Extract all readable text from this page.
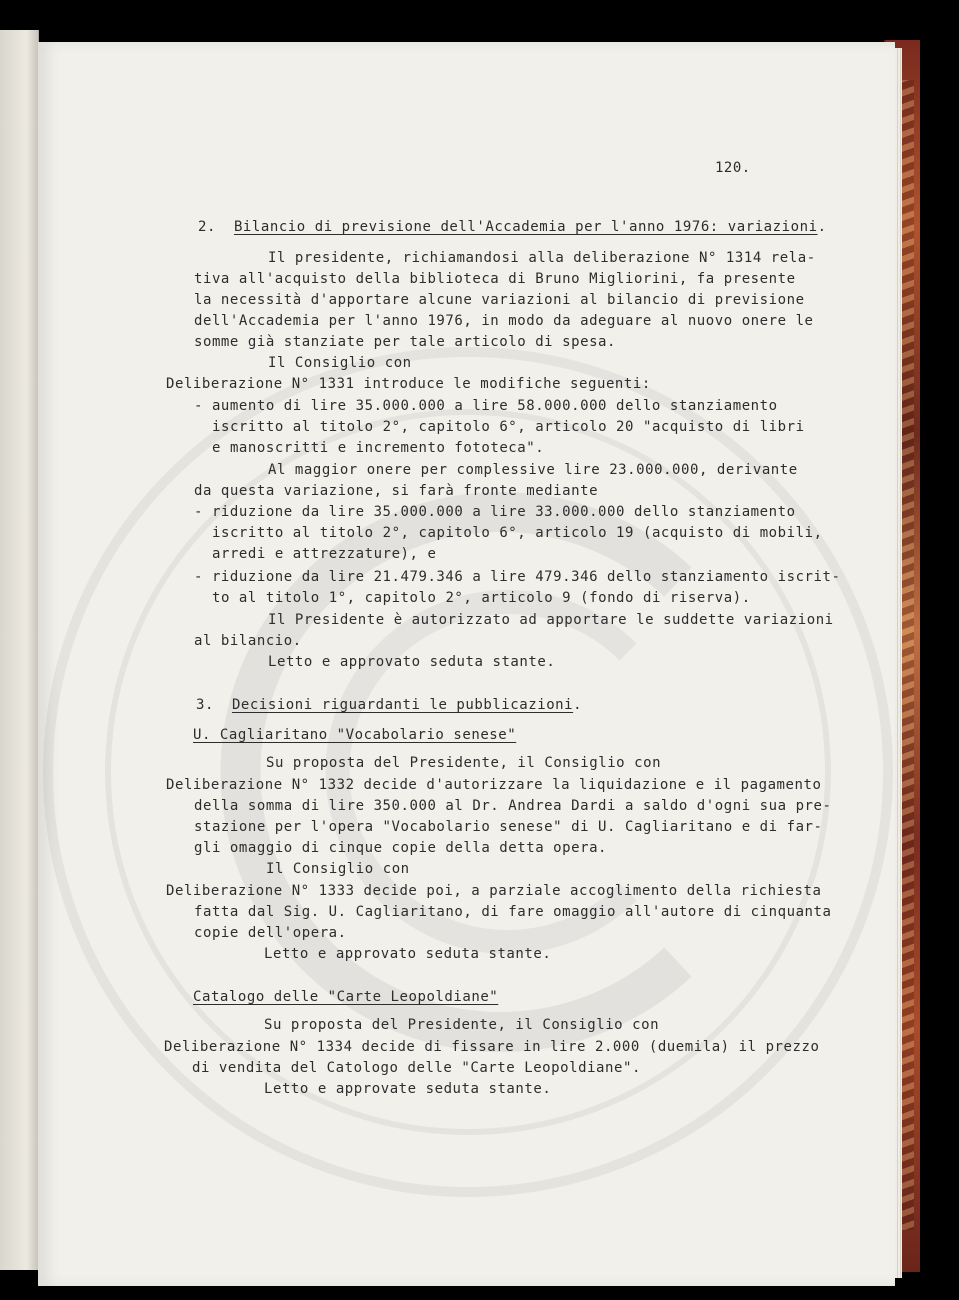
120.
2. Bilancio di previsione dell'Accademia per l'anno 1976: variazioni.
Il presidente, richiamandosi alla deliberazione N° 1314 rela-
tiva all'acquisto della biblioteca di Bruno Migliorini, fa presente
la necessità d'apportare alcune variazioni al bilancio di previsione
dell'Accademia per l'anno 1976, in modo da adeguare al nuovo onere le
somme già stanziate per tale articolo di spesa.
Il Consiglio con
Deliberazione N° 1331 introduce le modifiche seguenti:
- aumento di lire 35.000.000 a lire 58.000.000 dello stanziamento
iscritto al titolo 2°, capitolo 6°, articolo 20 "acquisto di libri
e manoscritti e incremento fototeca".
Al maggior onere per complessive lire 23.000.000, derivante
da questa variazione, si farà fronte mediante
- riduzione da lire 35.000.000 a lire 33.000.000 dello stanziamento
iscritto al titolo 2°, capitolo 6°, articolo 19 (acquisto di mobili,
arredi e attrezzature), e
- riduzione da lire 21.479.346 a lire 479.346 dello stanziamento iscrit-
to al titolo 1°, capitolo 2°, articolo 9 (fondo di riserva).
Il Presidente è autorizzato ad apportare le suddette variazioni
al bilancio.
Letto e approvato seduta stante.
3. Decisioni riguardanti le pubblicazioni.
U. Cagliaritano "Vocabolario senese"
Su proposta del Presidente, il Consiglio con
Deliberazione N° 1332 decide d'autorizzare la liquidazione e il pagamento
della somma di lire 350.000 al Dr. Andrea Dardi a saldo d'ogni sua pre-
stazione per l'opera "Vocabolario senese" di U. Cagliaritano e di far-
gli omaggio di cinque copie della detta opera.
Il Consiglio con
Deliberazione N° 1333 decide poi, a parziale accoglimento della richiesta
fatta dal Sig. U. Cagliaritano, di fare omaggio all'autore di cinquanta
copie dell'opera.
Letto e approvato seduta stante.
Catalogo delle "Carte Leopoldiane"
Su proposta del Presidente, il Consiglio con
Deliberazione N° 1334 decide di fissare in lire 2.000 (duemila) il prezzo
di vendita del Catologo delle "Carte Leopoldiane".
Letto e approvate seduta stante.
